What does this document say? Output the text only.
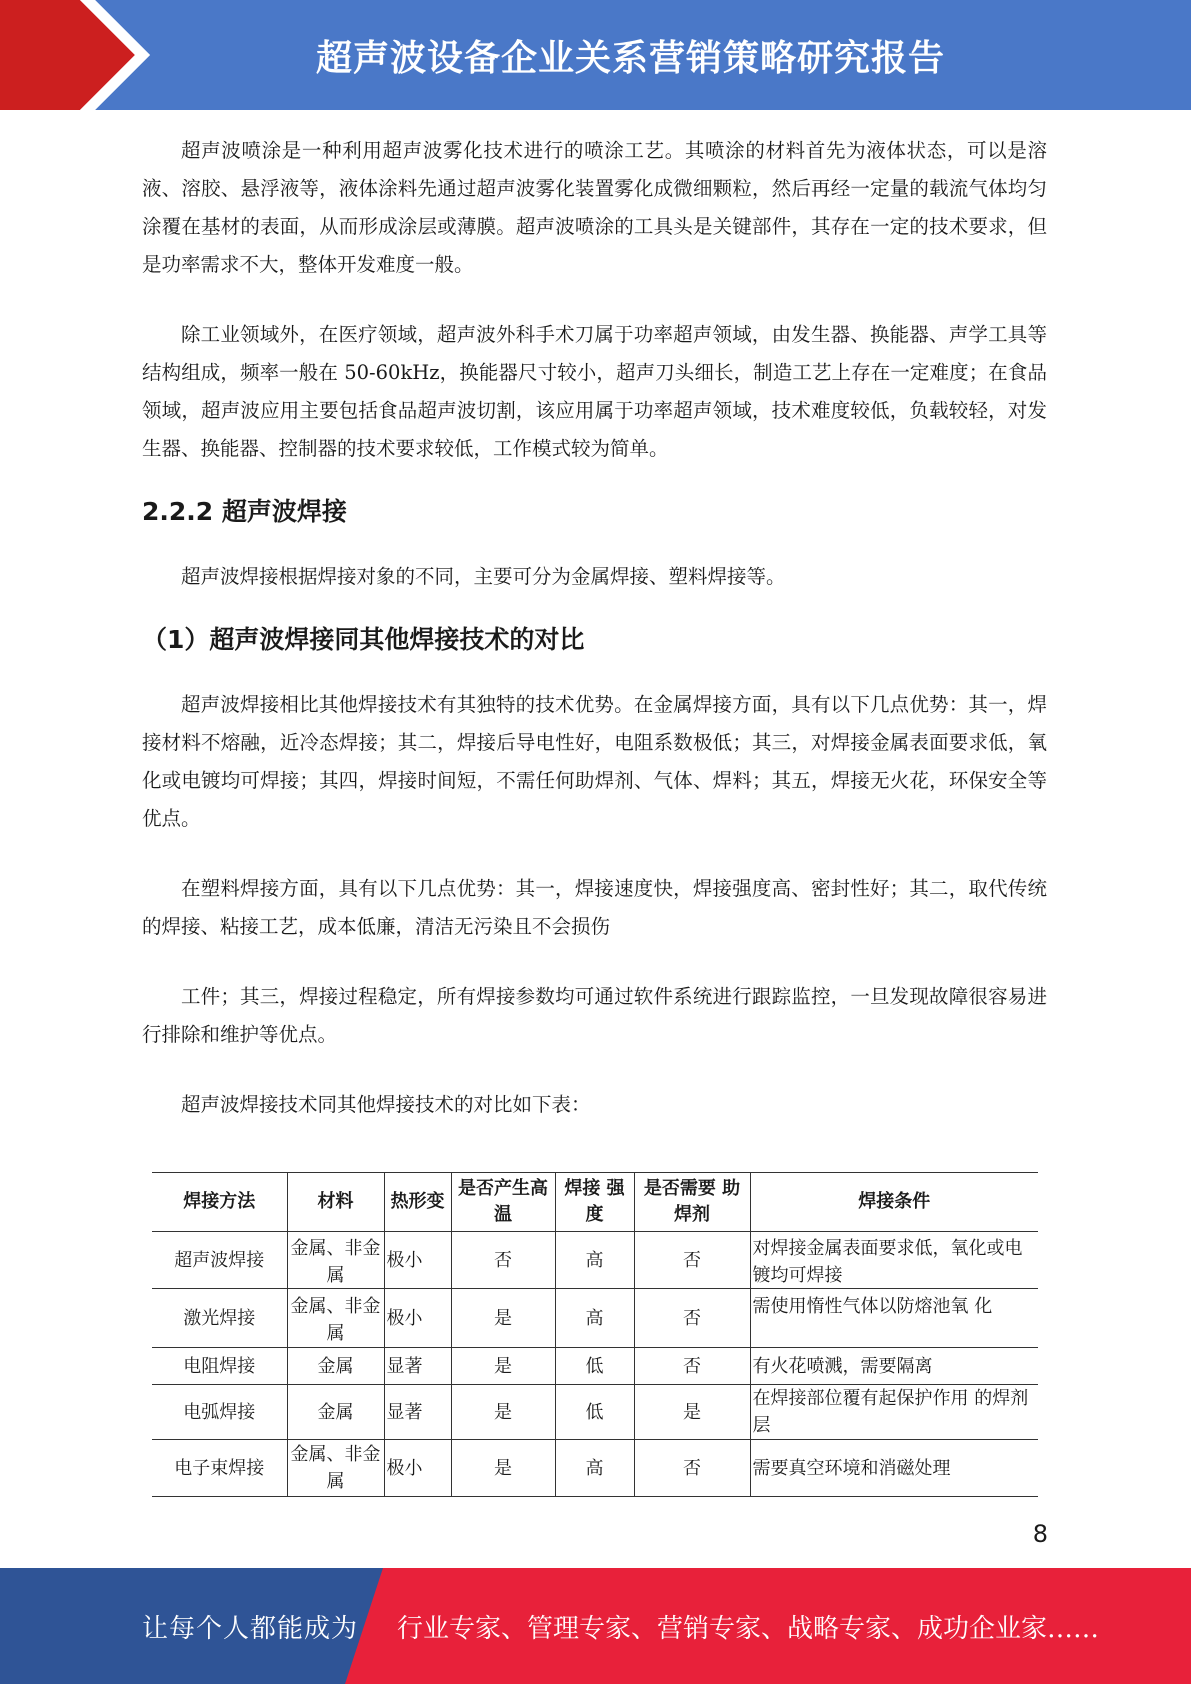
超声波设备企业关系营销策略研究报告

超声波喷涂是一种利用超声波雾化技术进行的喷涂工艺。其喷涂的材料首先为液体状态，可以是溶液、溶胶、悬浮液等，液体涂料先通过超声波雾化装置雾化成微细颗粒，然后再经一定量的载流气体均匀涂覆在基材的表面，从而形成涂层或薄膜。超声波喷涂的工具头是关键部件，其存在一定的技术要求，但是功率需求不大，整体开发难度一般。

除工业领域外，在医疗领域，超声波外科手术刀属于功率超声领域，由发生器、换能器、声学工具等结构组成，频率一般在 50-60kHz，换能器尺寸较小，超声刀头细长，制造工艺上存在一定难度；在食品领域，超声波应用主要包括食品超声波切割，该应用属于功率超声领域，技术难度较低，负载较轻，对发生器、换能器、控制器的技术要求较低，工作模式较为简单。

2.2.2 超声波焊接

超声波焊接根据焊接对象的不同，主要可分为金属焊接、塑料焊接等。

（1）超声波焊接同其他焊接技术的对比

超声波焊接相比其他焊接技术有其独特的技术优势。在金属焊接方面，具有以下几点优势：其一，焊接材料不熔融，近冷态焊接；其二，焊接后导电性好，电阻系数极低；其三，对焊接金属表面要求低，氧化或电镀均可焊接；其四，焊接时间短，不需任何助焊剂、气体、焊料；其五，焊接无火花，环保安全等优点。

在塑料焊接方面，具有以下几点优势：其一，焊接速度快，焊接强度高、密封性好；其二，取代传统的焊接、粘接工艺，成本低廉，清洁无污染且不会损伤

工件；其三，焊接过程稳定，所有焊接参数均可通过软件系统进行跟踪监控，一旦发现故障很容易进行排除和维护等优点。

超声波焊接技术同其他焊接技术的对比如下表：

焊接方法	材料	热形变	是否产生高温	焊接 强度	是否需要 助焊剂	焊接条件
超声波焊接	金属、非金属	极小	否	高	否	对焊接金属表面要求低，氧化或电镀均可焊接

激光焊接	金属、非金属	极小	是	高	否	需使用惰性气体以防熔池氧 化
电阻焊接	金属	显著	是	低	否	有火花喷溅，需要隔离
电弧焊接	金属	显著	是	低	是	在焊接部位覆有起保护作用 的焊剂层
电子束焊接	金属、非金属	极小	是	高	否	需要真空环境和消磁处理
8
让每个人都能成为 行业专家、管理专家、营销专家、战略专家、成功企业家……
